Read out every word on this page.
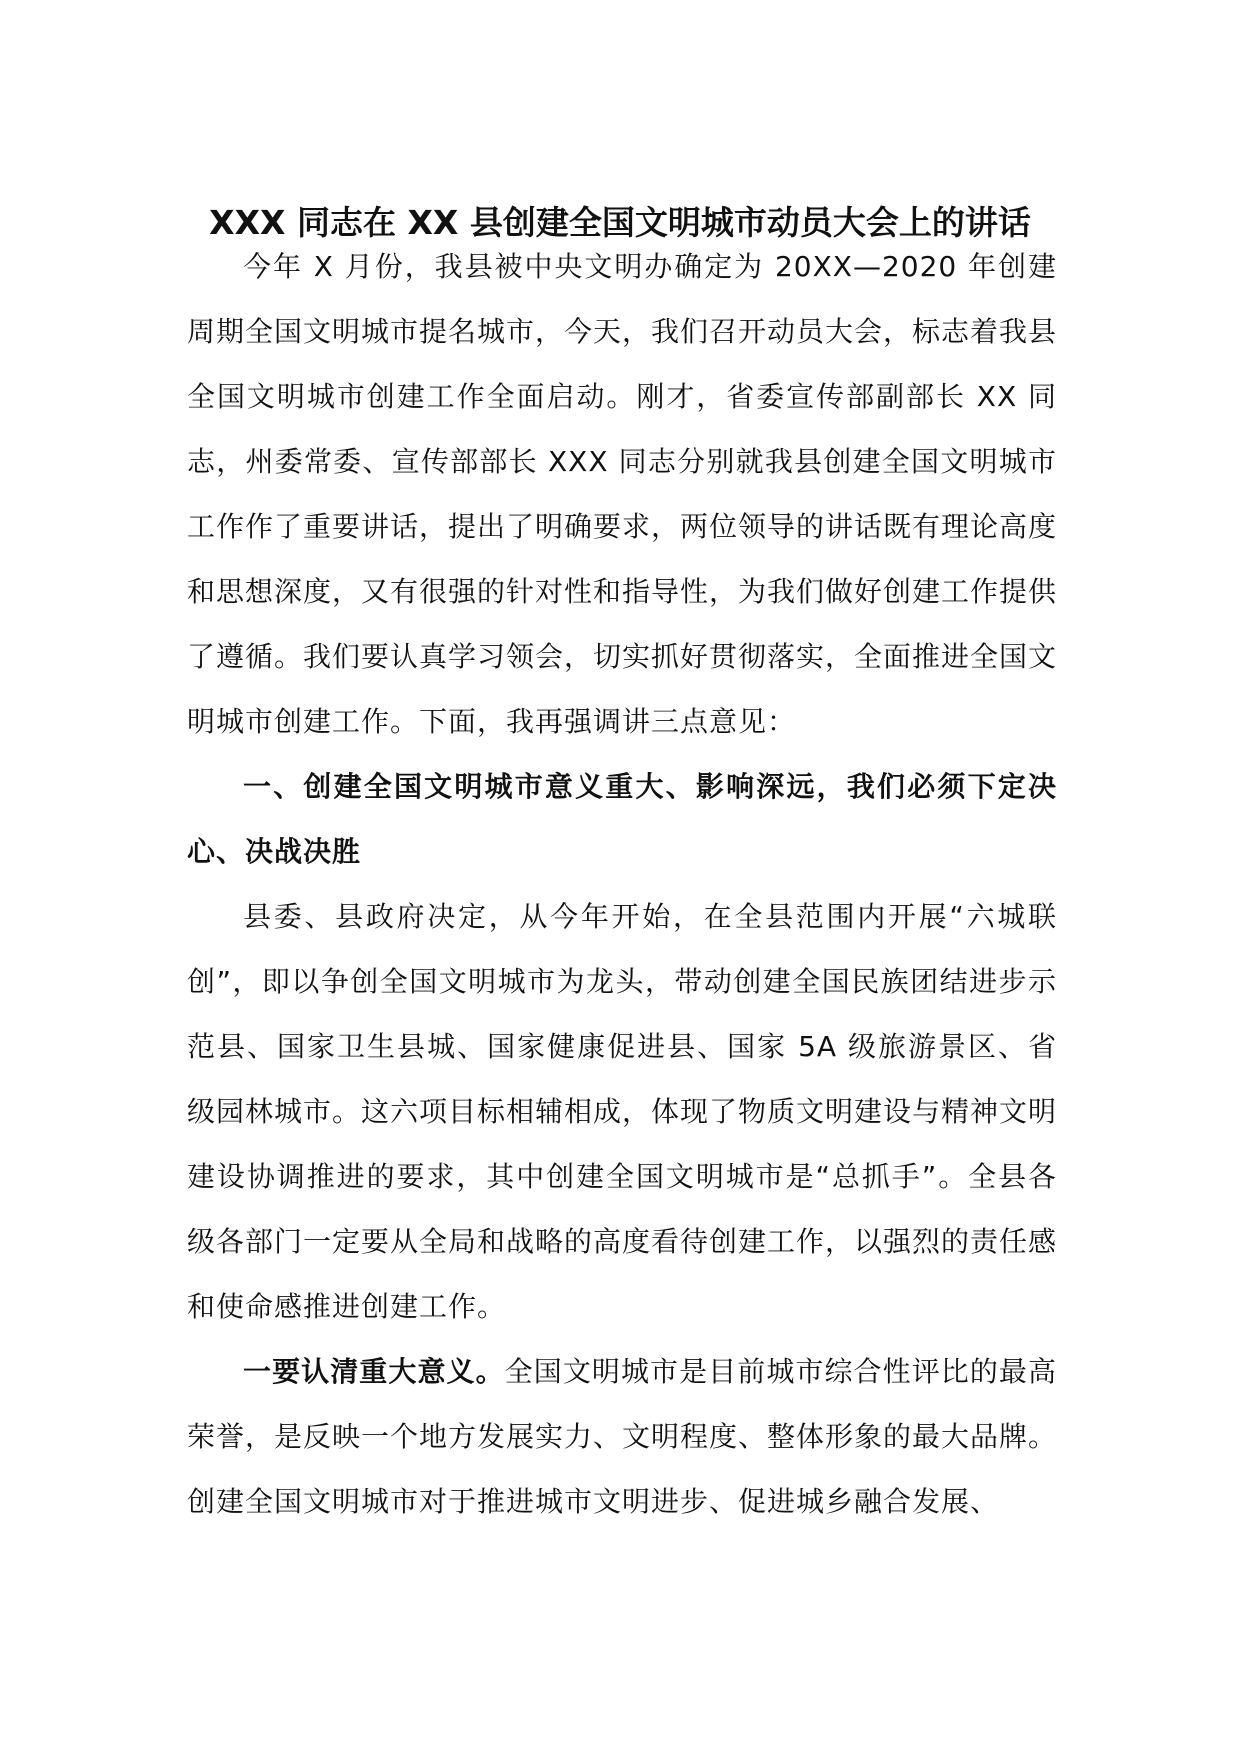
XXX 同志在 XX 县创建全国文明城市动员大会上的讲话

今年 X 月份，我县被中央文明办确定为 20XX—2020 年创建周期全国文明城市提名城市，今天，我们召开动员大会，标志着我县全国文明城市创建工作全面启动。刚才，省委宣传部副部长 XX 同志，州委常委、宣传部部长 XXX 同志分别就我县创建全国文明城市工作作了重要讲话，提出了明确要求，两位领导的讲话既有理论高度和思想深度，又有很强的针对性和指导性，为我们做好创建工作提供了遵循。我们要认真学习领会，切实抓好贯彻落实，全面推进全国文明城市创建工作。下面，我再强调讲三点意见：

一、创建全国文明城市意义重大、影响深远，我们必须下定决心、决战决胜

县委、县政府决定，从今年开始，在全县范围内开展“六城联创”，即以争创全国文明城市为龙头，带动创建全国民族团结进步示范县、国家卫生县城、国家健康促进县、国家 5A 级旅游景区、省级园林城市。这六项目标相辅相成，体现了物质文明建设与精神文明建设协调推进的要求，其中创建全国文明城市是“总抓手”。全县各级各部门一定要从全局和战略的高度看待创建工作，以强烈的责任感和使命感推进创建工作。

一要认清重大意义。全国文明城市是目前城市综合性评比的最高荣誉，是反映一个地方发展实力、文明程度、整体形象的最大品牌。创建全国文明城市对于推进城市文明进步、促进城乡融合发展、
